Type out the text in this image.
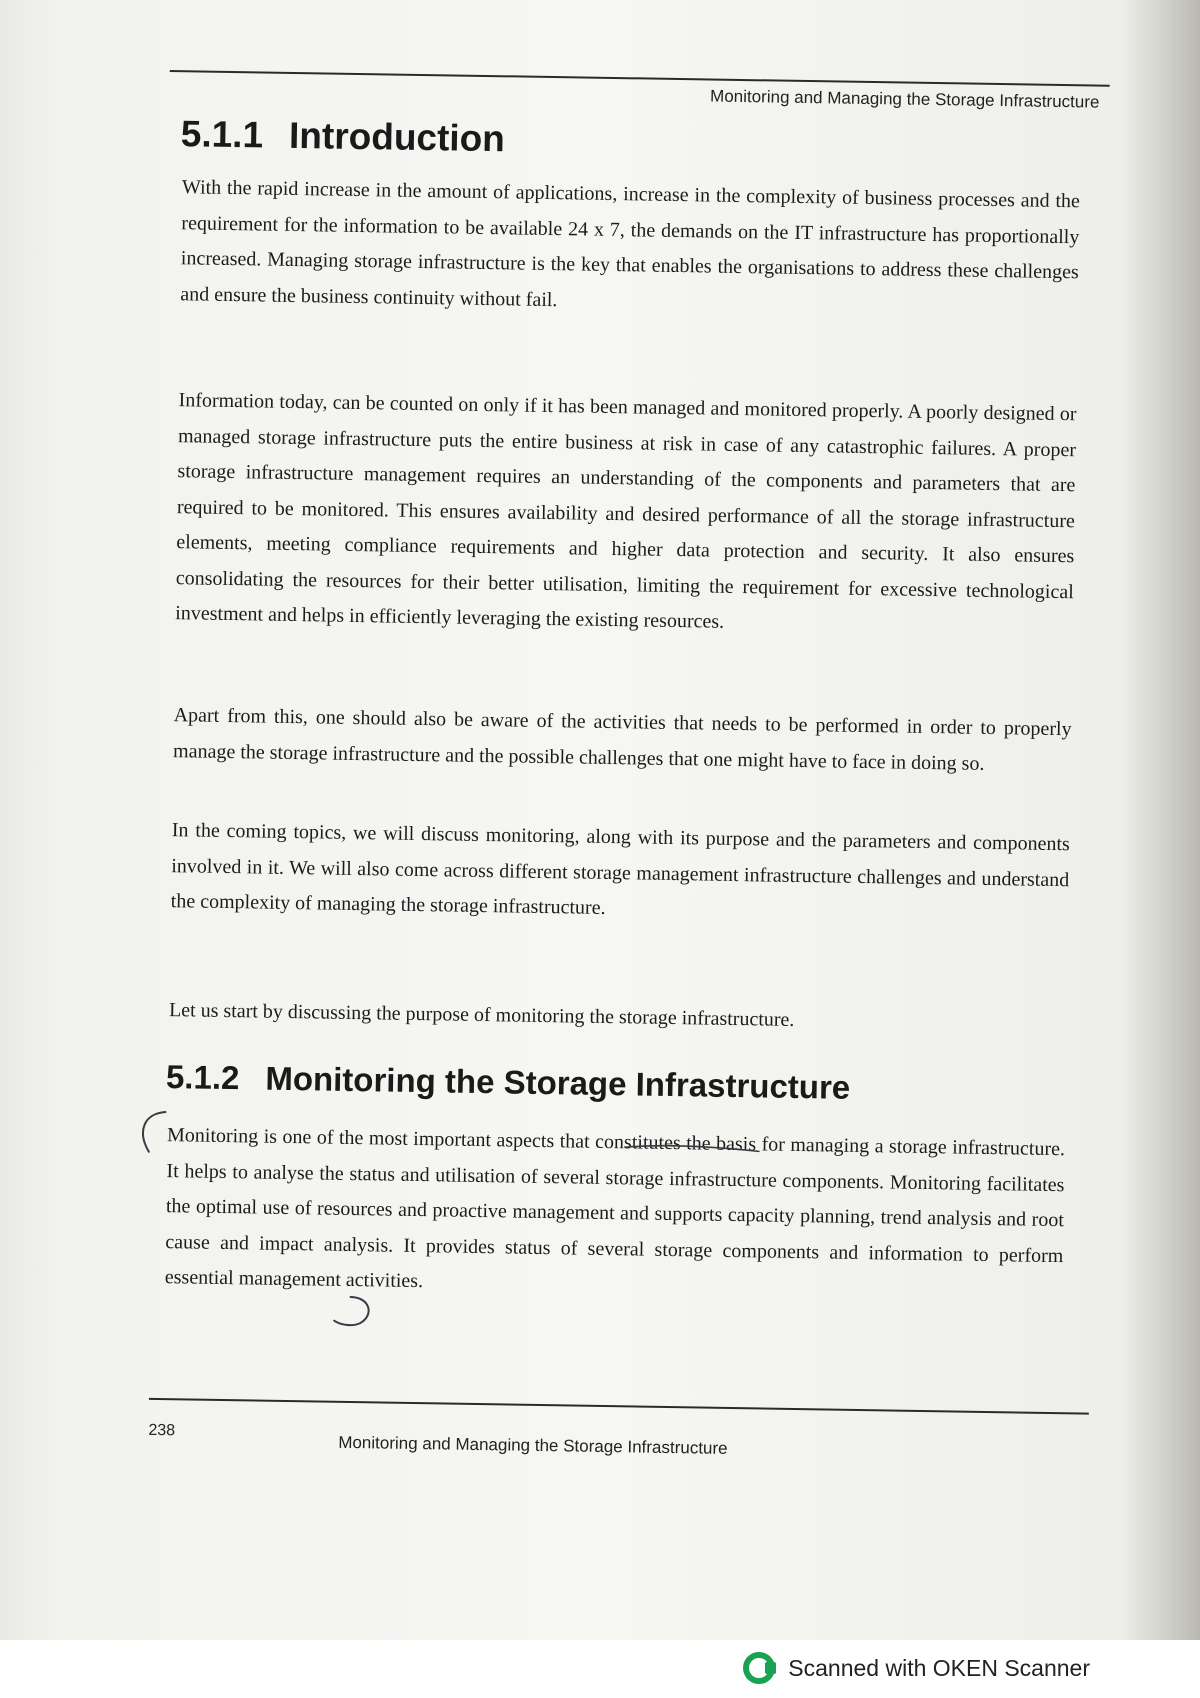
Monitoring and Managing the Storage Infrastructure
5.1.1 Introduction

With the rapid increase in the amount of applications, increase in the complexity of business processes and the requirement for the information to be available 24 x 7, the demands on the IT infrastructure has proportionally increased. Managing storage infrastructure is the key that enables the organisations to address these challenges and ensure the business continuity without fail.

Information today, can be counted on only if it has been managed and monitored properly. A poorly designed or managed storage infrastructure puts the entire business at risk in case of any catastrophic failures. A proper storage infrastructure management requires an understanding of the components and parameters that are required to be monitored. This ensures availability and desired performance of all the storage infrastructure elements, meeting compliance requirements and higher data protection and security. It also ensures consolidating the resources for their better utilisation, limiting the requirement for excessive technological investment and helps in efficiently leveraging the existing resources.

Apart from this, one should also be aware of the activities that needs to be performed in order to properly manage the storage infrastructure and the possible challenges that one might have to face in doing so.

In the coming topics, we will discuss monitoring, along with its purpose and the parameters and components involved in it. We will also come across different storage management infrastructure challenges and understand the complexity of managing the storage infrastructure.

Let us start by discussing the purpose of monitoring the storage infrastructure.

5.1.2 Monitoring the Storage Infrastructure

Monitoring is one of the most important aspects that constitutes the basis for managing a storage infrastructure. It helps to analyse the status and utilisation of several storage infrastructure components. Monitoring facilitates the optimal use of resources and proactive management and supports capacity planning, trend analysis and root cause and impact analysis. It provides status of several storage components and information to perform essential management activities.

238
Monitoring and Managing the Storage Infrastructure
Scanned with OKEN Scanner
